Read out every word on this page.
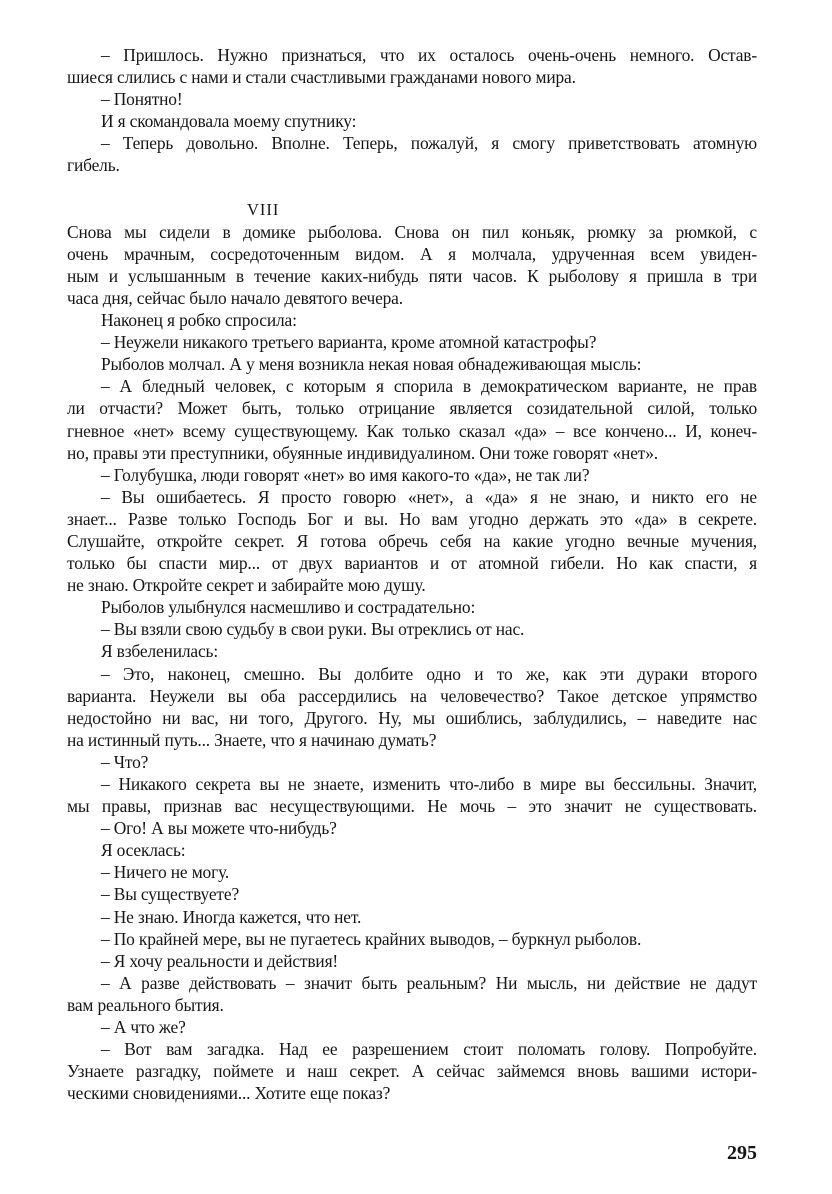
– Пришлось. Нужно признаться, что их осталось очень-очень немного. Остав-
шиеся слились с нами и стали счастливыми гражданами нового мира.
– Понятно!
И я скомандовала моему спутнику:
– Теперь довольно. Вполне. Теперь, пожалуй, я смогу приветствовать атомную
гибель.
VIII
Снова мы сидели в домике рыболова. Снова он пил коньяк, рюмку за рюмкой, с
очень мрачным, сосредоточенным видом. А я молчала, удрученная всем увиден-
ным и услышанным в течение каких-нибудь пяти часов. К рыболову я пришла в три
часа дня, сейчас было начало девятого вечера.
Наконец я робко спросила:
– Неужели никакого третьего варианта, кроме атомной катастрофы?
Рыболов молчал. А у меня возникла некая новая обнадеживающая мысль:
– А бледный человек, с которым я спорила в демократическом варианте, не прав
ли отчасти? Может быть, только отрицание является созидательной силой, только
гневное «нет» всему существующему. Как только сказал «да» – все кончено... И, конеч-
но, правы эти преступники, обуянные индивидуалином. Они тоже говорят «нет».
– Голубушка, люди говорят «нет» во имя какого-то «да», не так ли?
– Вы ошибаетесь. Я просто говорю «нет», а «да» я не знаю, и никто его не
знает... Разве только Господь Бог и вы. Но вам угодно держать это «да» в секрете.
Слушайте, откройте секрет. Я готова обречь себя на какие угодно вечные мучения,
только бы спасти мир... от двух вариантов и от атомной гибели. Но как спасти, я
не знаю. Откройте секрет и забирайте мою душу.
Рыболов улыбнулся насмешливо и сострадательно:
– Вы взяли свою судьбу в свои руки. Вы отреклись от нас.
Я взбеленилась:
– Это, наконец, смешно. Вы долбите одно и то же, как эти дураки второго
варианта. Неужели вы оба рассердились на человечество? Такое детское упрямство
недостойно ни вас, ни того, Другого. Ну, мы ошиблись, заблудились, – наведите нас
на истинный путь... Знаете, что я начинаю думать?
– Что?
– Никакого секрета вы не знаете, изменить что-либо в мире вы бессильны. Значит,
мы правы, признав вас несуществующими. Не мочь – это значит не существовать.
– Ого! А вы можете что-нибудь?
Я осеклась:
– Ничего не могу.
– Вы существуете?
– Не знаю. Иногда кажется, что нет.
– По крайней мере, вы не пугаетесь крайних выводов, – буркнул рыболов.
– Я хочу реальности и действия!
– А разве действовать – значит быть реальным? Ни мысль, ни действие не дадут
вам реального бытия.
– А что же?
– Вот вам загадка. Над ее разрешением стоит поломать голову. Попробуйте.
Узнаете разгадку, поймете и наш секрет. А сейчас займемся вновь вашими истори-
ческими сновидениями... Хотите еще показ?
295
